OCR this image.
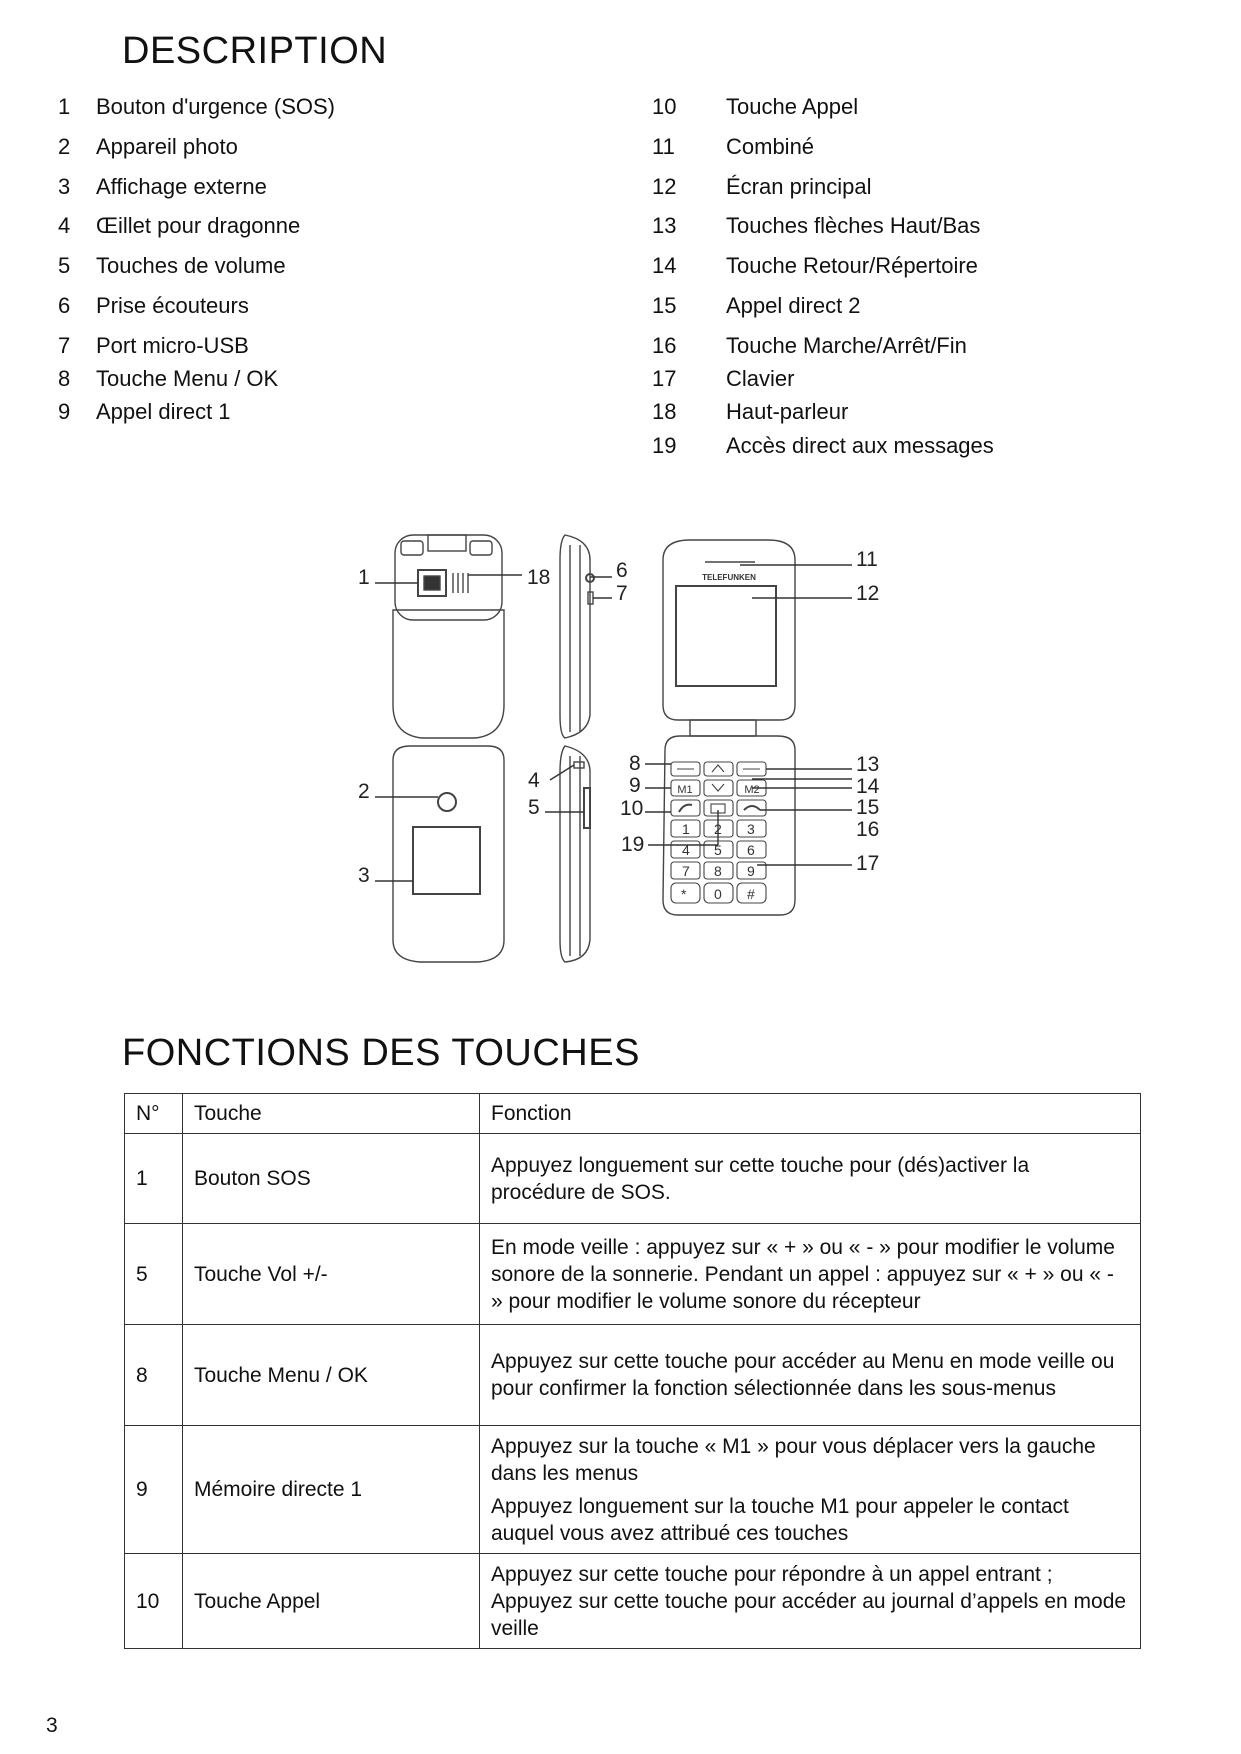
DESCRIPTION
1 Bouton d'urgence (SOS)
2 Appareil photo
3 Affichage externe
4 Œillet pour dragonne
5 Touches de volume
6 Prise écouteurs
7 Port micro-USB
8 Touche Menu / OK
9 Appel direct 1
10 Touche Appel
11 Combiné
12 Écran principal
13 Touches flèches Haut/Bas
14 Touche Retour/Répertoire
15 Appel direct 2
16 Touche Marche/Arrêt/Fin
17 Clavier
18 Haut-parleur
19 Accès direct aux messages
TELEFUNKEN
M1	M2
1 2 3
4 5 6
7 8 9
* 0 #
1	18	6
7
11
12
2
3
4
5
8
9
10
19
13
14
15
16
17
FONCTIONS DES TOUCHES
N°	Touche	Fonction
1	Bouton SOS	Appuyez longuement sur cette touche pour (dés)activer la procédure de SOS.

5	Touche Vol +/-	En mode veille : appuyez sur « + » ou « - » pour modifier le volume sonore de la sonnerie. Pendant un appel : appuyez sur « + » ou « - » pour modifier le volume sonore du récepteur

8	Touche Menu / OK	Appuyez sur cette touche pour accéder au Menu en mode veille ou pour confirmer la fonction sélectionnée dans les sous-menus

9	Mémoire directe 1	Appuyez sur la touche « M1 » pour vous déplacer vers la gauche dans les menus

Appuyez longuement sur la touche M1 pour appeler le contact auquel vous avez attribué ces touches

10	Touche Appel	Appuyez sur cette touche pour répondre à un appel entrant ; Appuyez sur cette touche pour accéder au journal d’appels en mode veille

3
